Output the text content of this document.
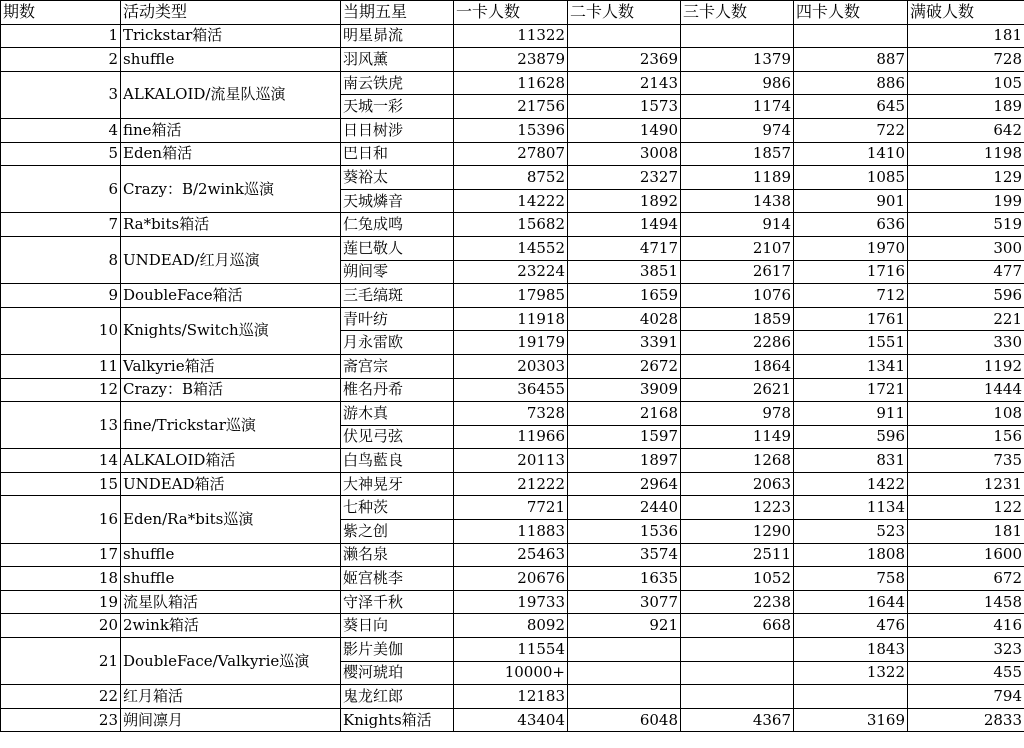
期数	活动类型	当期五星	一卡人数	二卡人数	三卡人数	四卡人数	满破人数
1	Trickstar箱活	明星昴流	11322				181
2	shuffle	羽风薰	23879	2369	1379	887	728
3	ALKALOID/流星队巡演	南云铁虎	11628	2143	986	886	105
		天城一彩	21756	1573	1174	645	189
4	fine箱活	日日树涉	15396	1490	974	722	642
5	Eden箱活	巴日和	27807	3008	1857	1410	1198
6	Crazy：B/2wink巡演	葵裕太	8752	2327	1189	1085	129
		天城燐音	14222	1892	1438	901	199
7	Ra*bits箱活	仁兔成鸣	15682	1494	914	636	519
8	UNDEAD/红月巡演	莲巳敬人	14552	4717	2107	1970	300
		朔间零	23224	3851	2617	1716	477
9	DoubleFace箱活	三毛缟斑	17985	1659	1076	712	596
10	Knights/Switch巡演	青叶纺	11918	4028	1859	1761	221
		月永雷欧	19179	3391	2286	1551	330
11	Valkyrie箱活	斋宫宗	20303	2672	1864	1341	1192
12	Crazy：B箱活	椎名丹希	36455	3909	2621	1721	1444
13	fine/Trickstar巡演	游木真	7328	2168	978	911	108
		伏见弓弦	11966	1597	1149	596	156
14	ALKALOID箱活	白鸟藍良	20113	1897	1268	831	735
15	UNDEAD箱活	大神晃牙	21222	2964	2063	1422	1231
16	Eden/Ra*bits巡演	七种茨	7721	2440	1223	1134	122
		紫之创	11883	1536	1290	523	181
17	shuffle	濑名泉	25463	3574	2511	1808	1600
18	shuffle	姬宫桃李	20676	1635	1052	758	672
19	流星队箱活	守泽千秋	19733	3077	2238	1644	1458
20	2wink箱活	葵日向	8092	921	668	476	416
21	DoubleFace/Valkyrie巡演	影片美伽	11554			1843	323
		樱河琥珀	10000+			1322	455
22	红月箱活	鬼龙红郎	12183				794
23	朔间凛月	Knights箱活	43404	6048	4367	3169	2833
